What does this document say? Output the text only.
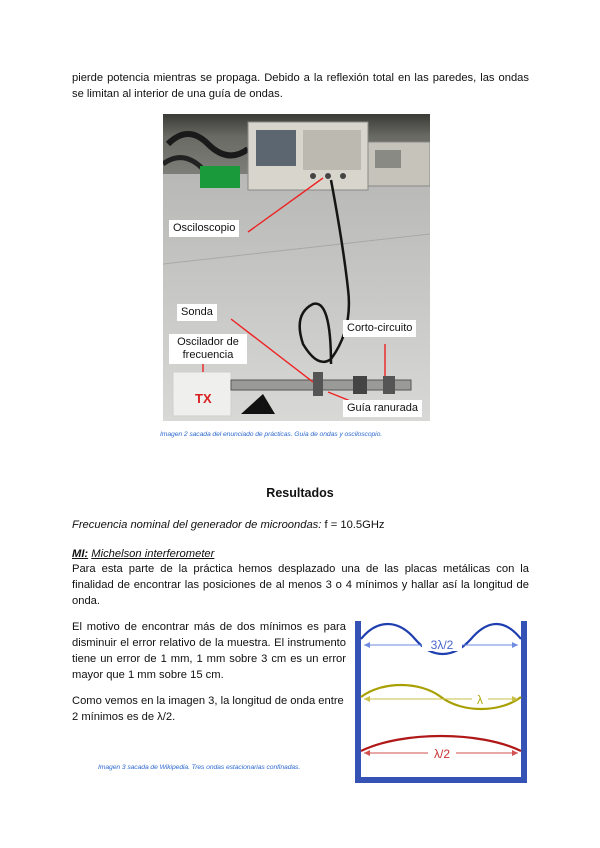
pierde potencia mientras se propaga. Debido a la reflexión total en las paredes, las ondas se limitan al interior de una guía de ondas.
TX
Osciloscopio
Sonda
Oscilador de frecuencia
Corto-circuito
Guía ranurada
Imagen 2 sacada del enunciado de prácticas. Guía de ondas y osciloscopio.
Resultados
Frecuencia nominal del generador de microondas: f = 10.5GHz
MI: Michelson interferometer
Para esta parte de la práctica hemos desplazado una de las placas metálicas con la finalidad de encontrar las posiciones de al menos 3 o 4 mínimos y hallar así la longitud de onda.
El motivo de encontrar más de dos mínimos es para disminuir el error relativo de la muestra. El instrumento tiene un error de 1 mm, 1 mm sobre 3 cm es un error mayor que 1 mm sobre 15 cm.
Como vemos en la imagen 3, la longitud de onda entre 2 mínimos es de λ/2.
3λ/2
λ
λ/2
Imagen 3 sacada de Wikipedia. Tres ondas estacionarias confinadas.
